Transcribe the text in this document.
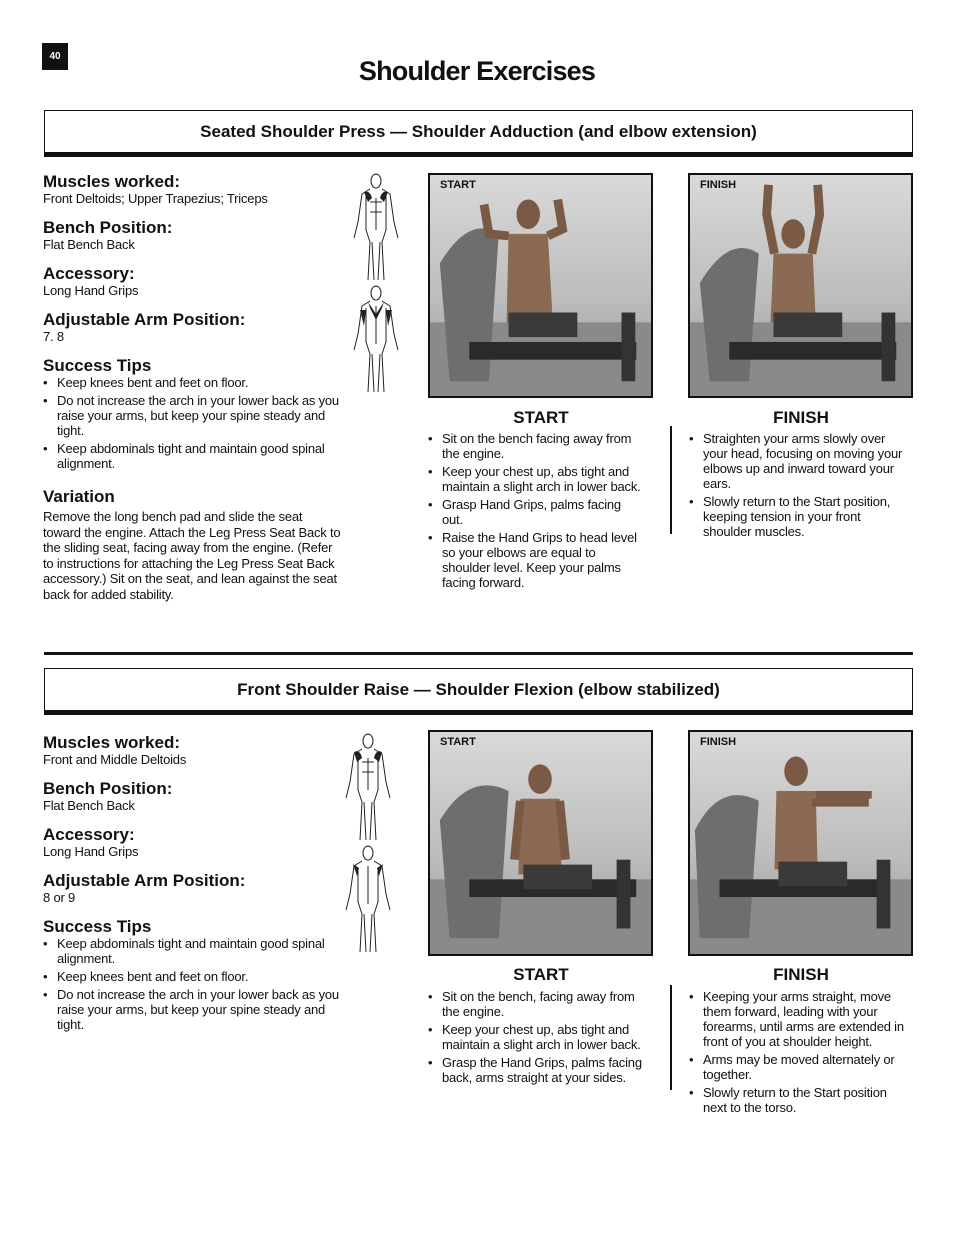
40	Shoulder Exercises
Seated Shoulder Press — Shoulder Adduction (and elbow extension)
Muscles worked:
Front Deltoids; Upper Trapezius; Triceps
Bench Position:
Flat Bench Back
Accessory:
Long Hand Grips
Adjustable Arm Position:
7. 8
Success Tips
• Keep knees bent and feet on floor.
• Do not increase the arch in your lower back as you raise your arms, but keep your spine steady and tight.
• Keep abdominals tight and maintain good spinal alignment.
Variation
Remove the long bench pad and slide the seat toward the engine. Attach the Leg Press Seat Back to the sliding seat, facing away from the engine. (Refer to instructions for attaching the Leg Press Seat Back accessory.) Sit on the seat, and lean against the seat back for added stability.
START	FINISH
START	FINISH
• Sit on the bench facing away from the engine.
• Keep your chest up, abs tight and maintain a slight arch in lower back.
• Grasp Hand Grips, palms facing out.
• Raise the Hand Grips to head level so your elbows are equal to shoulder level. Keep your palms facing forward.
• Straighten your arms slowly over your head, focusing on moving your elbows up and inward toward your ears.
• Slowly return to the Start position, keeping tension in your front shoulder muscles.
Front Shoulder Raise — Shoulder Flexion (elbow stabilized)
Muscles worked:
Front and Middle Deltoids
Bench Position:
Flat Bench Back
Accessory:
Long Hand Grips
Adjustable Arm Position:
8 or 9
Success Tips
• Keep abdominals tight and maintain good spinal alignment.
• Keep knees bent and feet on floor.
• Do not increase the arch in your lower back as you raise your arms, but keep your spine steady and tight.
START	FINISH
START	FINISH
• Sit on the bench, facing away from the engine.
• Keep your chest up, abs tight and maintain a slight arch in lower back.
• Grasp the Hand Grips, palms facing back, arms straight at your sides.
• Keeping your arms straight, move them forward, leading with your forearms, until arms are extended in front of you at shoulder height.
• Arms may be moved alternately or together.
• Slowly return to the Start position next to the torso.
